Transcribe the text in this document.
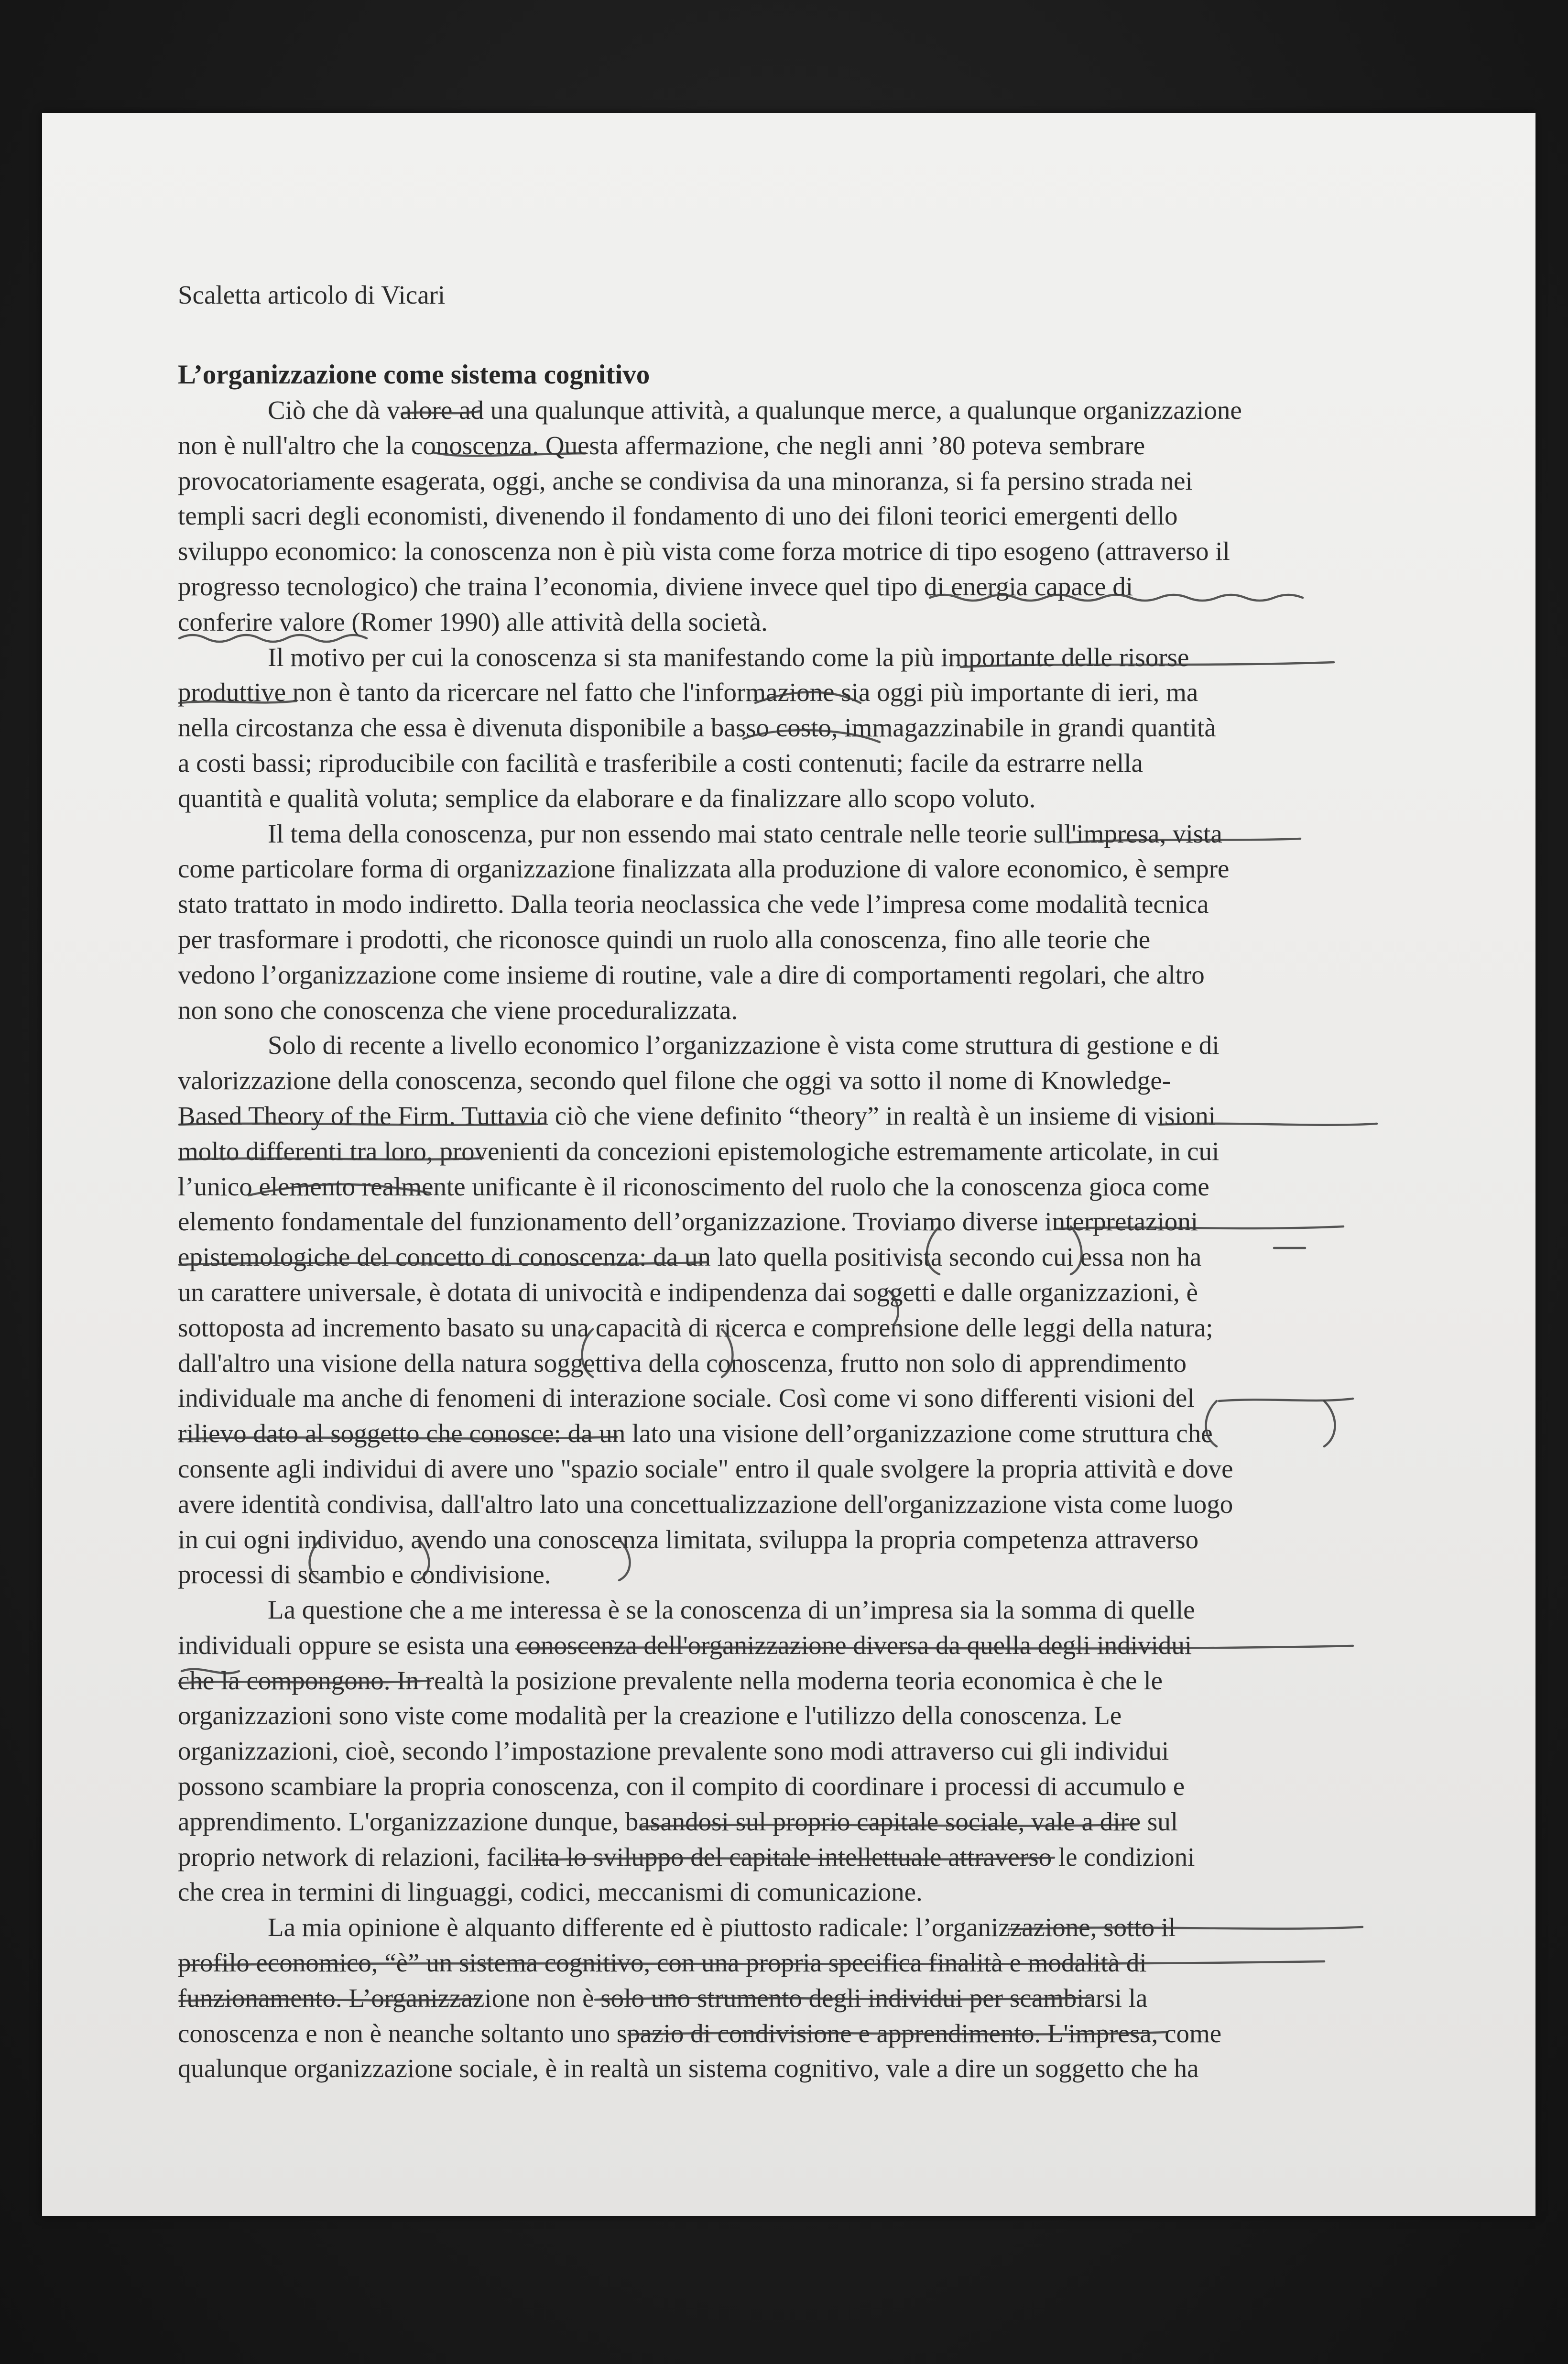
Scaletta articolo di Vicari
L’organizzazione come sistema cognitivo
Ciò che dà valore ad una qualunque attività, a qualunque merce, a qualunque organizzazione
non è null'altro che la conoscenza. Questa affermazione, che negli anni ’80 poteva sembrare
provocatoriamente esagerata, oggi, anche se condivisa da una minoranza, si fa persino strada nei
templi sacri degli economisti, divenendo il fondamento di uno dei filoni teorici emergenti dello
sviluppo economico: la conoscenza non è più vista come forza motrice di tipo esogeno (attraverso il
progresso tecnologico) che traina l’economia, diviene invece quel tipo di energia capace di
conferire valore (Romer 1990) alle attività della società.
Il motivo per cui la conoscenza si sta manifestando come la più importante delle risorse
produttive non è tanto da ricercare nel fatto che l'informazione sia oggi più importante di ieri, ma
nella circostanza che essa è divenuta disponibile a basso costo, immagazzinabile in grandi quantità
a costi bassi; riproducibile con facilità e trasferibile a costi contenuti; facile da estrarre nella
quantità e qualità voluta; semplice da elaborare e da finalizzare allo scopo voluto.
Il tema della conoscenza, pur non essendo mai stato centrale nelle teorie sull'impresa, vista
come particolare forma di organizzazione finalizzata alla produzione di valore economico, è sempre
stato trattato in modo indiretto. Dalla teoria neoclassica che vede l’impresa come modalità tecnica
per trasformare i prodotti, che riconosce quindi un ruolo alla conoscenza, fino alle teorie che
vedono l’organizzazione come insieme di routine, vale a dire di comportamenti regolari, che altro
non sono che conoscenza che viene proceduralizzata.
Solo di recente a livello economico l’organizzazione è vista come struttura di gestione e di
valorizzazione della conoscenza, secondo quel filone che oggi va sotto il nome di Knowledge-
Based Theory of the Firm. Tuttavia ciò che viene definito “theory” in realtà è un insieme di visioni
molto differenti tra loro, provenienti da concezioni epistemologiche estremamente articolate, in cui
l’unico elemento realmente unificante è il riconoscimento del ruolo che la conoscenza gioca come
elemento fondamentale del funzionamento dell’organizzazione. Troviamo diverse interpretazioni
epistemologiche del concetto di conoscenza: da un lato quella positivista secondo cui essa non ha
un carattere universale, è dotata di univocità e indipendenza dai soggetti e dalle organizzazioni, è
sottoposta ad incremento basato su una capacità di ricerca e comprensione delle leggi della natura;
dall'altro una visione della natura soggettiva della conoscenza, frutto non solo di apprendimento
individuale ma anche di fenomeni di interazione sociale. Così come vi sono differenti visioni del
rilievo dato al soggetto che conosce: da un lato una visione dell’organizzazione come struttura che
consente agli individui di avere uno "spazio sociale" entro il quale svolgere la propria attività e dove
avere identità condivisa, dall'altro lato una concettualizzazione dell'organizzazione vista come luogo
in cui ogni individuo, avendo una conoscenza limitata, sviluppa la propria competenza attraverso
processi di scambio e condivisione.
La questione che a me interessa è se la conoscenza di un’impresa sia la somma di quelle
individuali oppure se esista una conoscenza dell'organizzazione diversa da quella degli individui
che la compongono. In realtà la posizione prevalente nella moderna teoria economica è che le
organizzazioni sono viste come modalità per la creazione e l'utilizzo della conoscenza. Le
organizzazioni, cioè, secondo l’impostazione prevalente sono modi attraverso cui gli individui
possono scambiare la propria conoscenza, con il compito di coordinare i processi di accumulo e
apprendimento. L'organizzazione dunque, basandosi sul proprio capitale sociale, vale a dire sul
proprio network di relazioni, facilita lo sviluppo del capitale intellettuale attraverso le condizioni
che crea in termini di linguaggi, codici, meccanismi di comunicazione.
La mia opinione è alquanto differente ed è piuttosto radicale: l’organizzazione, sotto il
profilo economico, “è” un sistema cognitivo, con una propria specifica finalità e modalità di
funzionamento. L’organizzazione non è solo uno strumento degli individui per scambiarsi la
conoscenza e non è neanche soltanto uno spazio di condivisione e apprendimento. L'impresa, come
qualunque organizzazione sociale, è in realtà un sistema cognitivo, vale a dire un soggetto che ha
